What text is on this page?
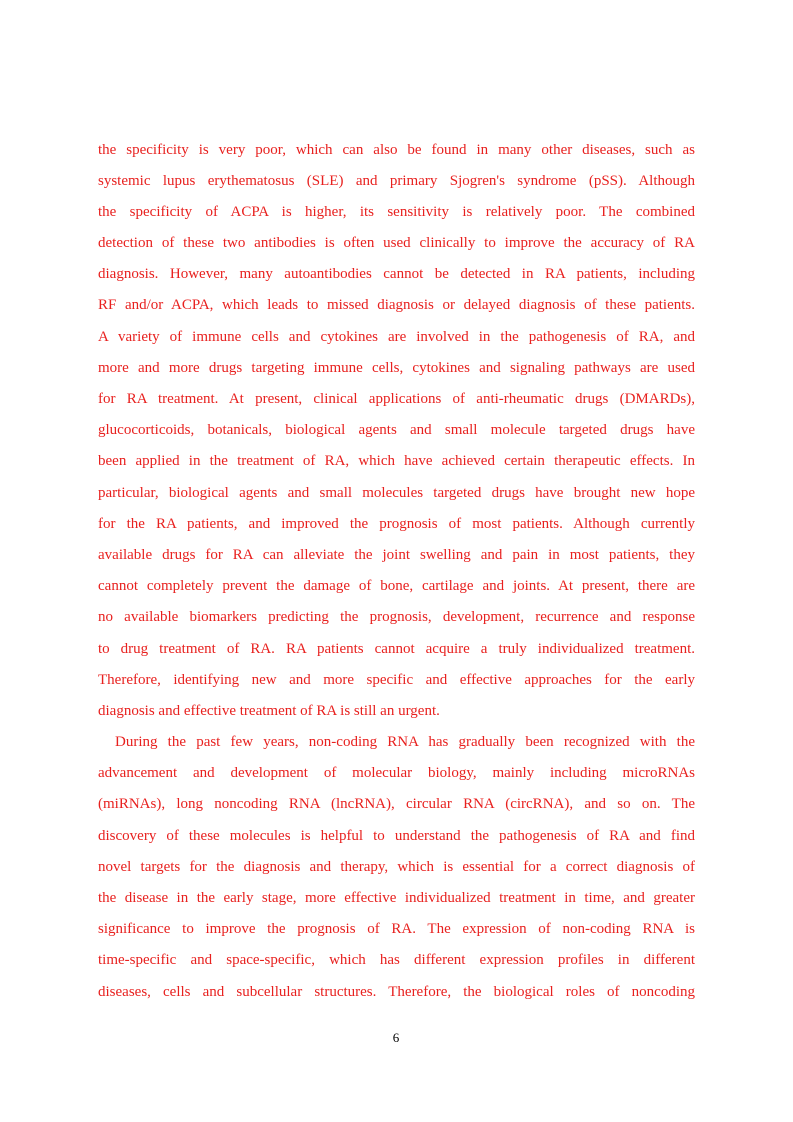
the specificity is very poor, which can also be found in many other diseases, such as
systemic lupus erythematosus (SLE) and primary Sjogren's syndrome (pSS). Although
the specificity of ACPA is higher, its sensitivity is relatively poor. The combined
detection of these two antibodies is often used clinically to improve the accuracy of RA
diagnosis. However, many autoantibodies cannot be detected in RA patients, including
RF and/or ACPA, which leads to missed diagnosis or delayed diagnosis of these patients.
A variety of immune cells and cytokines are involved in the pathogenesis of RA, and
more and more drugs targeting immune cells, cytokines and signaling pathways are used
for RA treatment. At present, clinical applications of anti-rheumatic drugs (DMARDs),
glucocorticoids, botanicals, biological agents and small molecule targeted drugs have
been applied in the treatment of RA, which have achieved certain therapeutic effects. In
particular, biological agents and small molecules targeted drugs have brought new hope
for the RA patients, and improved the prognosis of most patients. Although currently
available drugs for RA can alleviate the joint swelling and pain in most patients, they
cannot completely prevent the damage of bone, cartilage and joints. At present, there are
no available biomarkers predicting the prognosis, development, recurrence and response
to drug treatment of RA. RA patients cannot acquire a truly individualized treatment.
Therefore, identifying new and more specific and effective approaches for the early
diagnosis and effective treatment of RA is still an urgent.
During the past few years, non-coding RNA has gradually been recognized with the
advancement and development of molecular biology, mainly including microRNAs
(miRNAs), long noncoding RNA (lncRNA), circular RNA (circRNA), and so on. The
discovery of these molecules is helpful to understand the pathogenesis of RA and find
novel targets for the diagnosis and therapy, which is essential for a correct diagnosis of
the disease in the early stage, more effective individualized treatment in time, and greater
significance to improve the prognosis of RA. The expression of non-coding RNA is
time-specific and space-specific, which has different expression profiles in different
diseases, cells and subcellular structures. Therefore, the biological roles of noncoding
6
